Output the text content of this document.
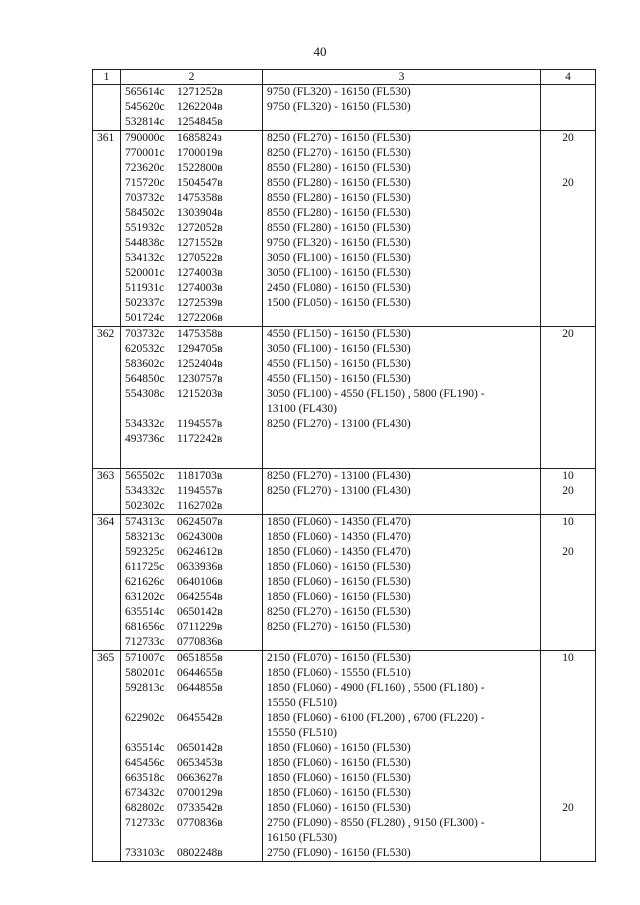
40
1	2	3	4
	565614c 1271252в	9750 (FL320) - 16150 (FL530)	
	545620c 1262204в	9750 (FL320) - 16150 (FL530)	
	532814c 1254845в		
361	790000c 1685824з	8250 (FL270) - 16150 (FL530)	20
	770001c 1700019в	8250 (FL270) - 16150 (FL530)	
	723620c 1522800в	8550 (FL280) - 16150 (FL530)	
	715720c 1504547в	8550 (FL280) - 16150 (FL530)	20
	703732c 1475358в	8550 (FL280) - 16150 (FL530)	
	584502c 1303904в	8550 (FL280) - 16150 (FL530)	
	551932c 1272052в	8550 (FL280) - 16150 (FL530)	
	544838c 1271552в	9750 (FL320) - 16150 (FL530)	
	534132c 1270522в	3050 (FL100) - 16150 (FL530)	
	520001c 1274003в	3050 (FL100) - 16150 (FL530)	
	511931c 1274003в	2450 (FL080) - 16150 (FL530)	
	502337c 1272539в	1500 (FL050) - 16150 (FL530)	
	501724c 1272206в		
362	703732c 1475358в	4550 (FL150) - 16150 (FL530)	20
	620532c 1294705в	3050 (FL100) - 16150 (FL530)	
	583602c 1252404в	4550 (FL150) - 16150 (FL530)	
	564850c 1230757в	4550 (FL150) - 16150 (FL530)	
	554308c 1215203в	3050 (FL100) - 4550 (FL150) , 5800 (FL190) -	
		13100 (FL430)	
	534332c 1194557в	8250 (FL270) - 13100 (FL430)	
	493736c 1172242в		

363	565502c 1181703в	8250 (FL270) - 13100 (FL430)	10
	534332c 1194557в	8250 (FL270) - 13100 (FL430)	20
	502302c 1162702в		
364	574313c 0624507в	1850 (FL060) - 14350 (FL470)	10
	583213c 0624300в	1850 (FL060) - 14350 (FL470)	
	592325c 0624612в	1850 (FL060) - 14350 (FL470)	20
	611725c 0633936в	1850 (FL060) - 16150 (FL530)	
	621626c 0640106в	1850 (FL060) - 16150 (FL530)	
	631202c 0642554в	1850 (FL060) - 16150 (FL530)	
	635514c 0650142в	8250 (FL270) - 16150 (FL530)	
	681656c 0711229в	8250 (FL270) - 16150 (FL530)	
	712733c 0770836в		
365	571007c 0651855в	2150 (FL070) - 16150 (FL530)	10
	580201c 0644655в	1850 (FL060) - 15550 (FL510)	
	592813c 0644855в	1850 (FL060) - 4900 (FL160) , 5500 (FL180) -	
		15550 (FL510)	
	622902c 0645542в	1850 (FL060) - 6100 (FL200) , 6700 (FL220) -	
		15550 (FL510)	
	635514c 0650142в	1850 (FL060) - 16150 (FL530)	
	645456c 0653453в	1850 (FL060) - 16150 (FL530)	
	663518c 0663627в	1850 (FL060) - 16150 (FL530)	
	673432c 0700129в	1850 (FL060) - 16150 (FL530)	
	682802c 0733542в	1850 (FL060) - 16150 (FL530)	20
	712733c 0770836в	2750 (FL090) - 8550 (FL280) , 9150 (FL300) -	
		16150 (FL530)	
	733103c 0802248в	2750 (FL090) - 16150 (FL530)	
